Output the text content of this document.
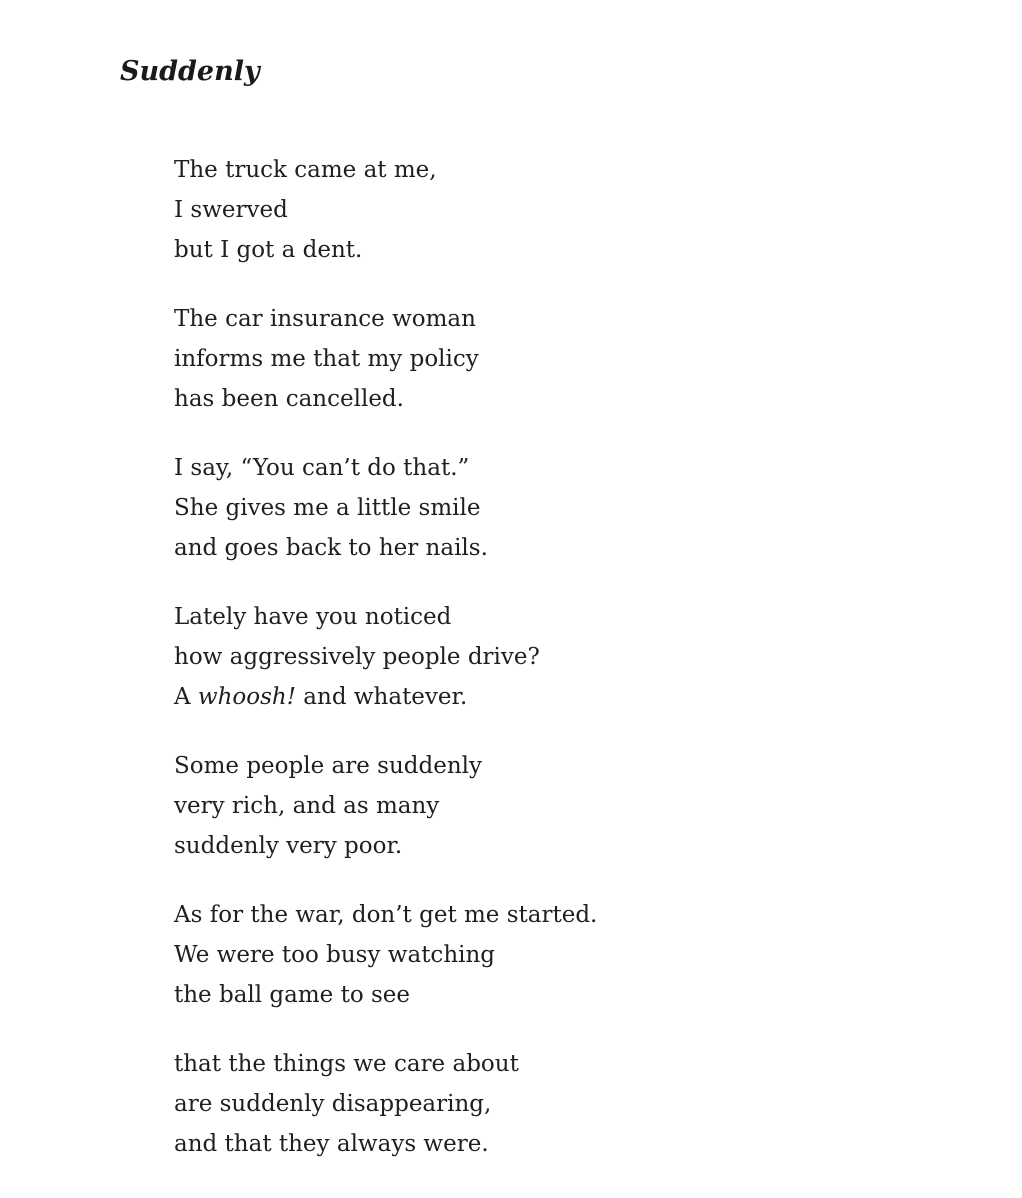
Suddenly
The truck came at me,
I swerved
but I got a dent.
The car insurance woman
informs me that my policy
has been cancelled.
I say, “You can’t do that.”
She gives me a little smile
and goes back to her nails.
Lately have you noticed
how aggressively people drive?
A whoosh! and whatever.
Some people are suddenly
very rich, and as many
suddenly very poor.
As for the war, don’t get me started.
We were too busy watching
the ball game to see
that the things we care about
are suddenly disappearing,
and that they always were.
